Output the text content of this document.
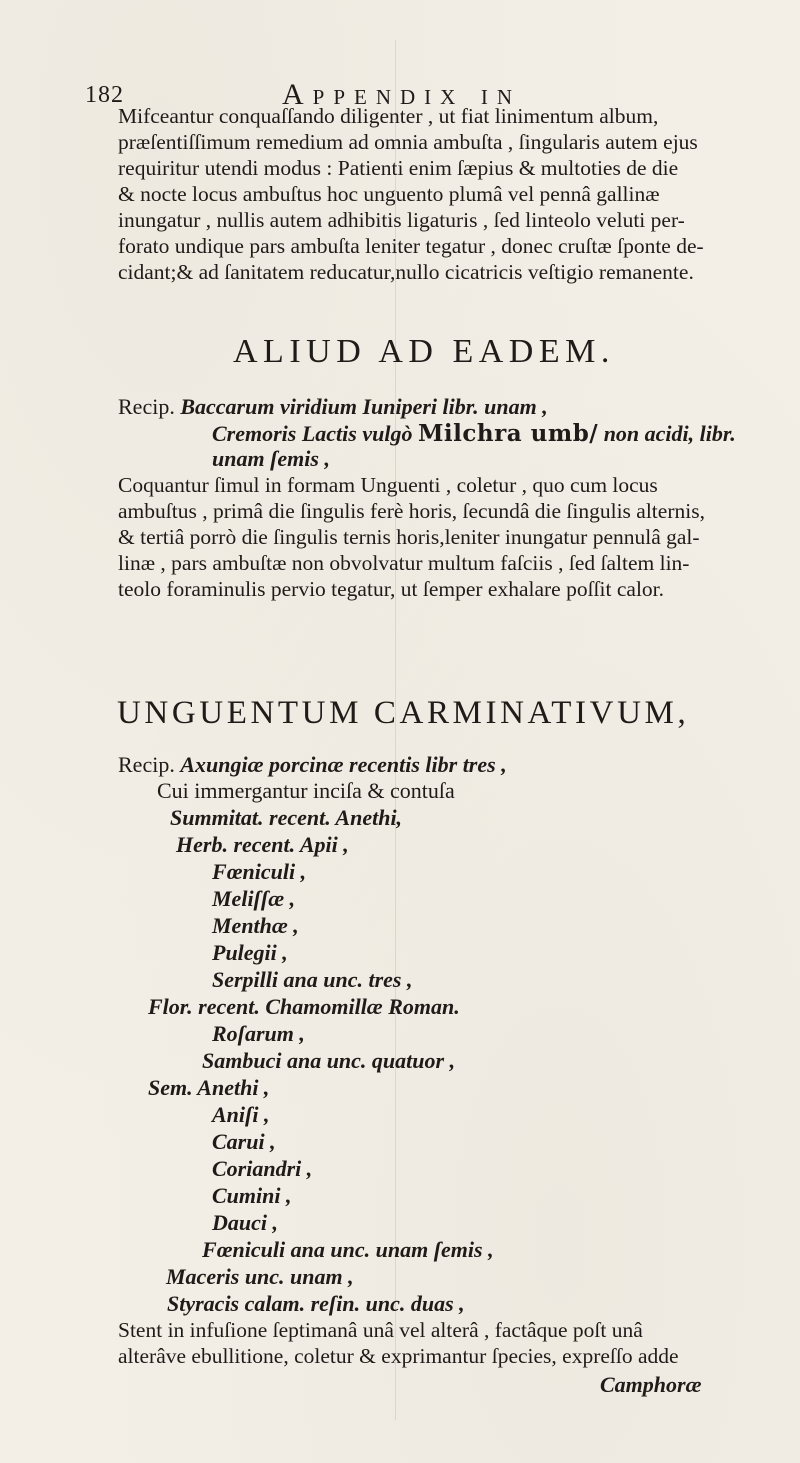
182	Appendix in
Mifceantur conquaſſando diligenter , ut fiat linimentum album,
præſentiſſimum remedium ad omnia ambuſta , ſingularis autem ejus
requiritur utendi modus : Patienti enim ſæpius & multoties de die
& nocte locus ambuſtus hoc unguento plumâ vel pennâ gallinæ
inungatur , nullis autem adhibitis ligaturis , ſed linteolo veluti per-
forato undique pars ambuſta leniter tegatur , donec cruſtæ ſponte de-
cidant;& ad ſanitatem reducatur,nullo cicatricis veſtigio remanente.
ALIUD AD EADEM.
Recip. Baccarum viridium Iuniperi libr. unam ,
Cremoris Lactis vulgò Milchra umb/ non acidi, libr.
unam ſemis ,
Coquantur ſimul in formam Unguenti , coletur , quo cum locus
ambuſtus , primâ die ſingulis ferè horis, ſecundâ die ſingulis alternis,
& tertiâ porrò die ſingulis ternis horis,leniter inungatur pennulâ gal-
linæ , pars ambuſtæ non obvolvatur multum faſciis , ſed ſaltem lin-
teolo foraminulis pervio tegatur, ut ſemper exhalare poſſit calor.
UNGUENTUM CARMINATIVUM,
Recip. Axungiæ porcinæ recentis libr tres ,
Cui immergantur inciſa & contuſa
Summitat. recent. Anethi,
Herb. recent. Apii ,
Fœniculi ,
Meliſſæ ,
Menthæ ,
Pulegii ,
Serpilli ana unc. tres ,
Flor. recent. Chamomillæ Roman.
Roſarum ,
Sambuci ana unc. quatuor ,
Sem. Anethi ,
Aniſi ,
Carui ,
Coriandri ,
Cumini ,
Dauci ,
Fœniculi ana unc. unam ſemis ,
Maceris unc. unam ,
Styracis calam. reſin. unc. duas ,
Stent in infuſione ſeptimanâ unâ vel alterâ , factâque poſt unâ
alterâve ebullitione, coletur & exprimantur ſpecies, expreſſo adde
Camphoræ
